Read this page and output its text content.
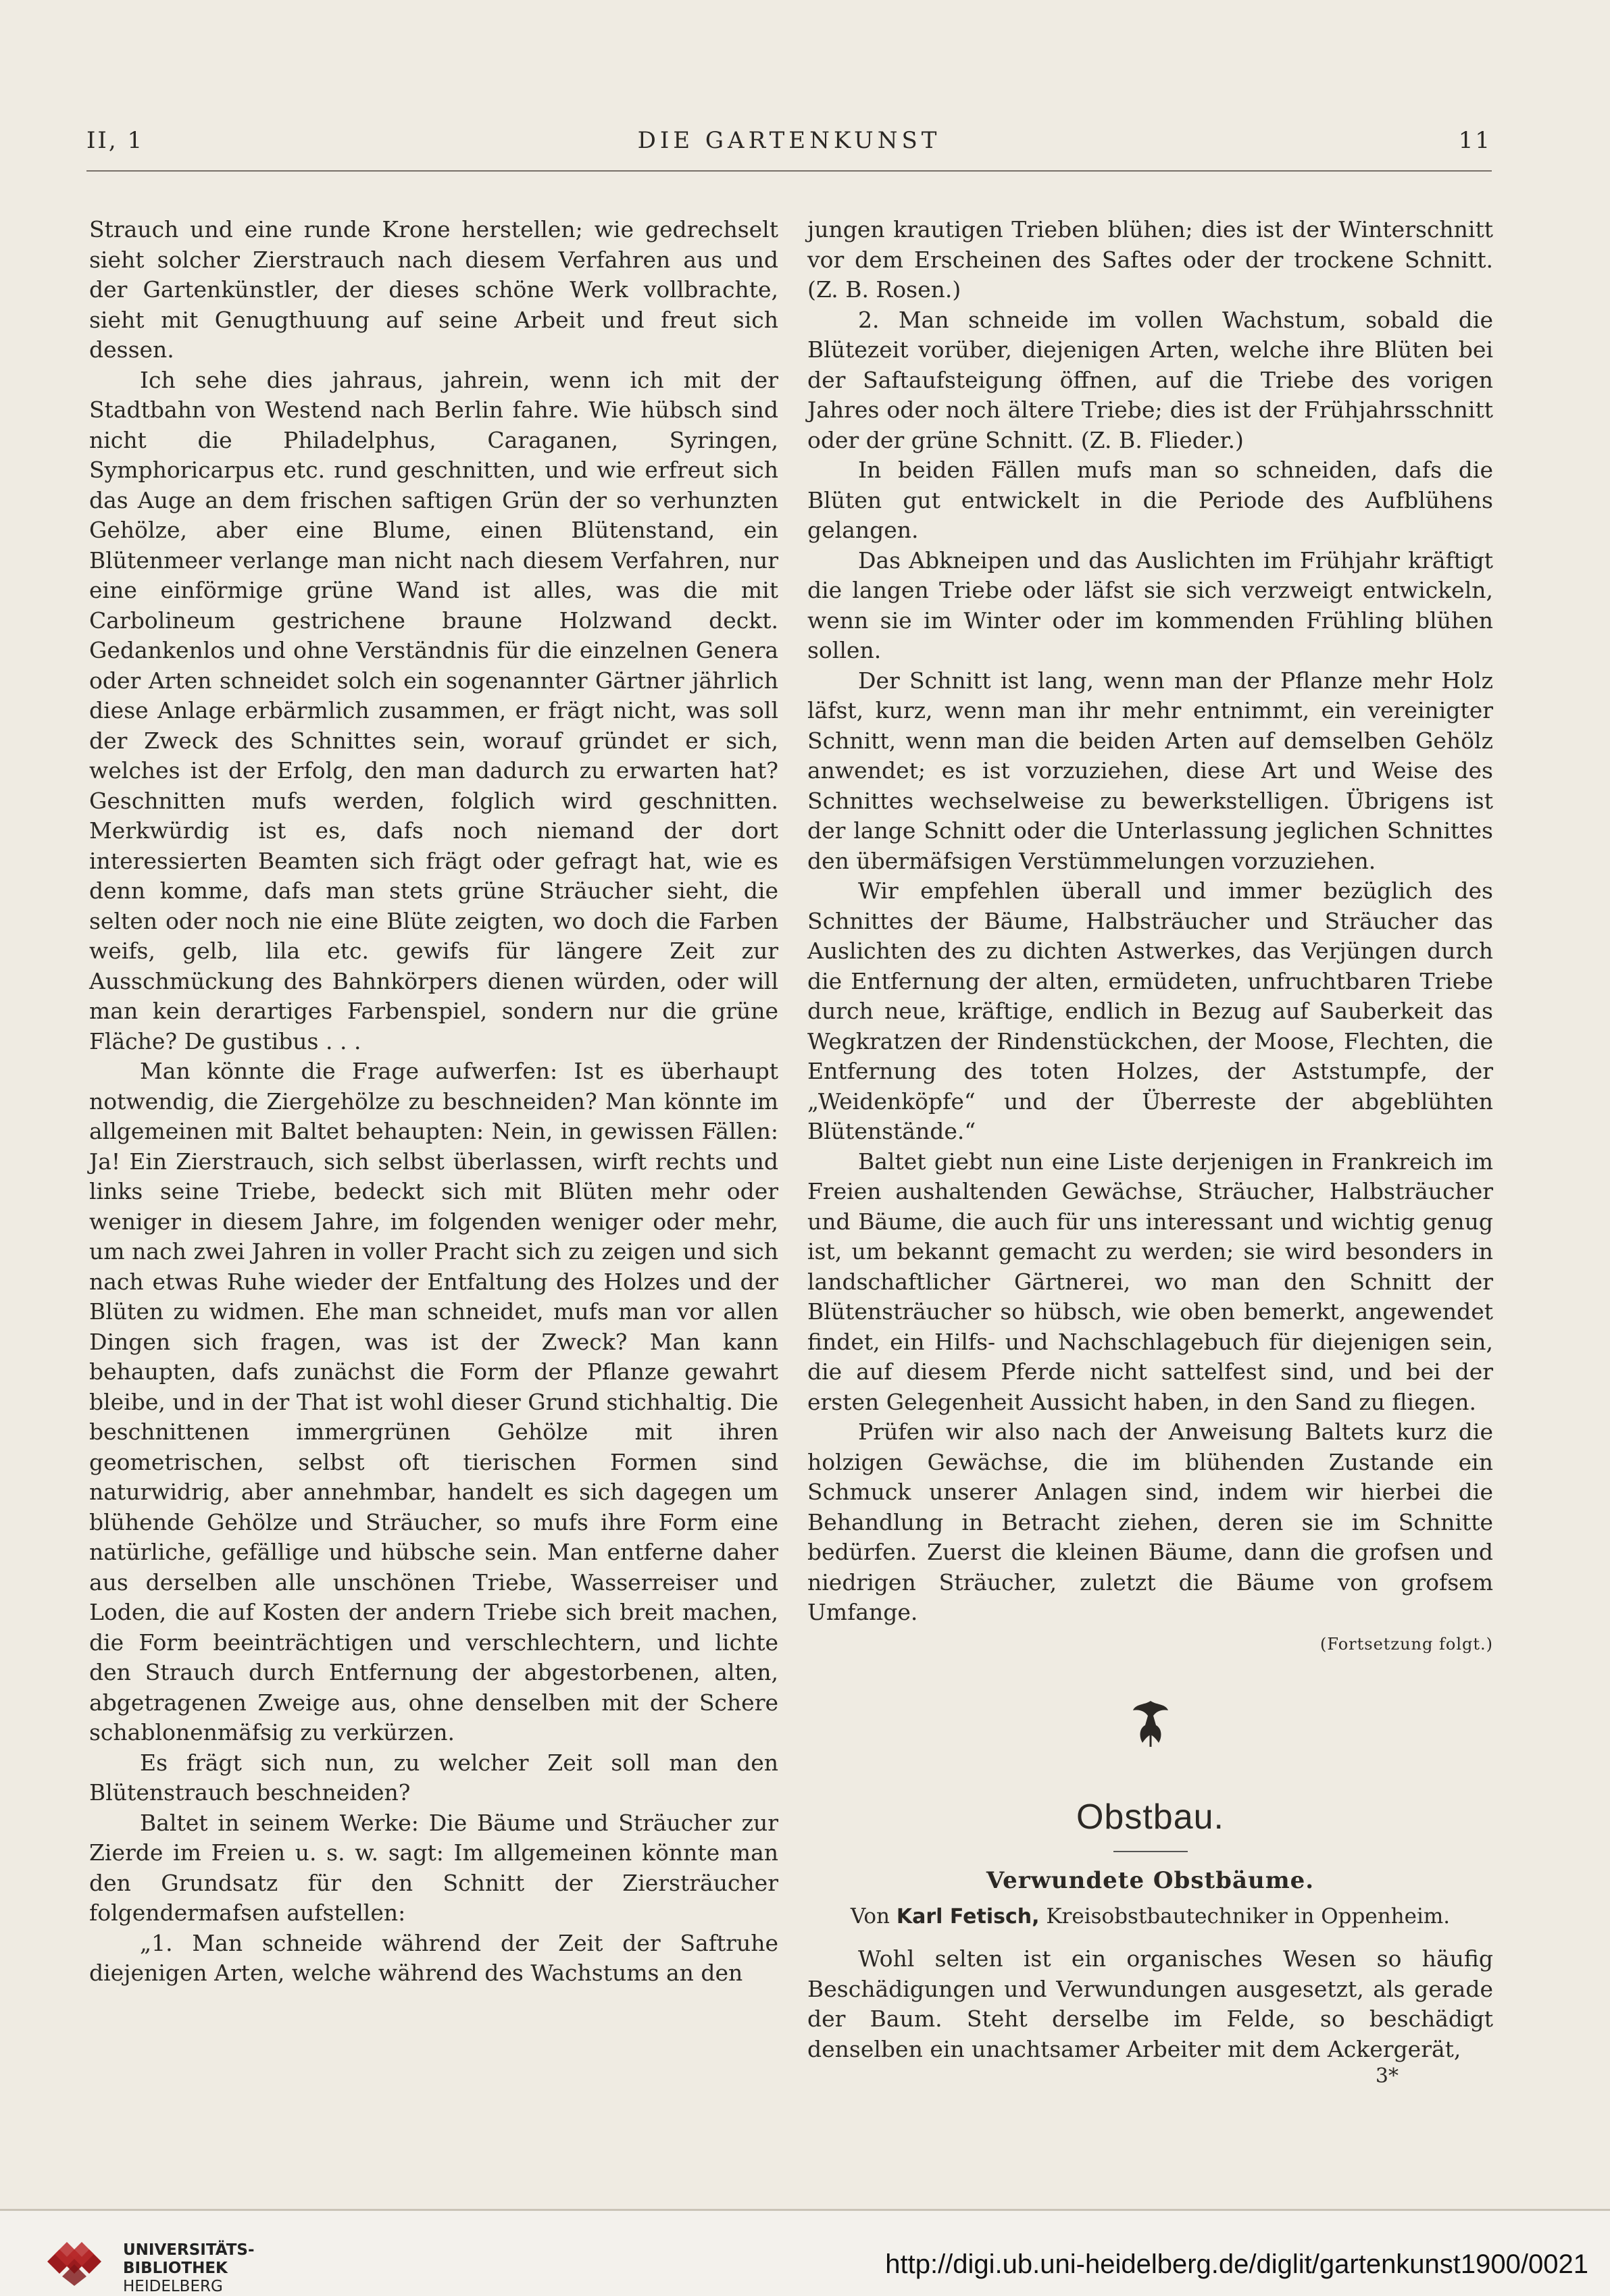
II, 1	DIE GARTENKUNST	11

Strauch und eine runde Krone herstellen; wie gedrechselt sieht solcher Zierstrauch nach diesem Verfahren aus und der Gartenkünstler, der dieses schöne Werk vollbrachte, sieht mit Genugthuung auf seine Arbeit und freut sich dessen.

Ich sehe dies jahraus, jahrein, wenn ich mit der Stadtbahn von Westend nach Berlin fahre. Wie hübsch sind nicht die Philadelphus, Caraganen, Syringen, Symphoricarpus etc. rund geschnitten, und wie erfreut sich das Auge an dem frischen saftigen Grün der so verhunzten Gehölze, aber eine Blume, einen Blütenstand, ein Blütenmeer verlange man nicht nach diesem Verfahren, nur eine einförmige grüne Wand ist alles, was die mit Carbolineum gestrichene braune Holzwand deckt. Gedankenlos und ohne Verständnis für die einzelnen Genera oder Arten schneidet solch ein sogenannter Gärtner jährlich diese Anlage erbärmlich zusammen, er frägt nicht, was soll der Zweck des Schnittes sein, worauf gründet er sich, welches ist der Erfolg, den man dadurch zu erwarten hat? Geschnitten mufs werden, folglich wird geschnitten. Merkwürdig ist es, dafs noch niemand der dort interessierten Beamten sich frägt oder gefragt hat, wie es denn komme, dafs man stets grüne Sträucher sieht, die selten oder noch nie eine Blüte zeigten, wo doch die Farben weifs, gelb, lila etc. gewifs für längere Zeit zur Ausschmückung des Bahnkörpers dienen würden, oder will man kein derartiges Farbenspiel, sondern nur die grüne Fläche? De gustibus . . .

Man könnte die Frage aufwerfen: Ist es überhaupt notwendig, die Ziergehölze zu beschneiden? Man könnte im allgemeinen mit Baltet behaupten: Nein, in gewissen Fällen: Ja! Ein Zierstrauch, sich selbst überlassen, wirft rechts und links seine Triebe, bedeckt sich mit Blüten mehr oder weniger in diesem Jahre, im folgenden weniger oder mehr, um nach zwei Jahren in voller Pracht sich zu zeigen und sich nach etwas Ruhe wieder der Entfaltung des Holzes und der Blüten zu widmen. Ehe man schneidet, mufs man vor allen Dingen sich fragen, was ist der Zweck? Man kann behaupten, dafs zunächst die Form der Pflanze gewahrt bleibe, und in der That ist wohl dieser Grund stichhaltig. Die beschnittenen immergrünen Gehölze mit ihren geometrischen, selbst oft tierischen Formen sind naturwidrig, aber annehmbar, handelt es sich dagegen um blühende Gehölze und Sträucher, so mufs ihre Form eine natürliche, gefällige und hübsche sein. Man entferne daher aus derselben alle unschönen Triebe, Wasserreiser und Loden, die auf Kosten der andern Triebe sich breit machen, die Form beeinträchtigen und verschlechtern, und lichte den Strauch durch Entfernung der abgestorbenen, alten, abgetragenen Zweige aus, ohne denselben mit der Schere schablonenmäfsig zu verkürzen.

Es frägt sich nun, zu welcher Zeit soll man den Blütenstrauch beschneiden?

Baltet in seinem Werke: Die Bäume und Sträucher zur Zierde im Freien u. s. w. sagt: Im allgemeinen könnte man den Grundsatz für den Schnitt der Ziersträucher folgendermafsen aufstellen:

„1. Man schneide während der Zeit der Saftruhe diejenigen Arten, welche während des Wachstums an den

jungen krautigen Trieben blühen; dies ist der Winterschnitt vor dem Erscheinen des Saftes oder der trockene Schnitt. (Z. B. Rosen.)

2. Man schneide im vollen Wachstum, sobald die Blütezeit vorüber, diejenigen Arten, welche ihre Blüten bei der Saftaufsteigung öffnen, auf die Triebe des vorigen Jahres oder noch ältere Triebe; dies ist der Frühjahrsschnitt oder der grüne Schnitt. (Z. B. Flieder.)

In beiden Fällen mufs man so schneiden, dafs die Blüten gut entwickelt in die Periode des Aufblühens gelangen.

Das Abkneipen und das Auslichten im Frühjahr kräftigt die langen Triebe oder läfst sie sich verzweigt entwickeln, wenn sie im Winter oder im kommenden Frühling blühen sollen.

Der Schnitt ist lang, wenn man der Pflanze mehr Holz läfst, kurz, wenn man ihr mehr entnimmt, ein vereinigter Schnitt, wenn man die beiden Arten auf demselben Gehölz anwendet; es ist vorzuziehen, diese Art und Weise des Schnittes wechselweise zu bewerkstelligen. Übrigens ist der lange Schnitt oder die Unterlassung jeglichen Schnittes den übermäfsigen Verstümmelungen vorzuziehen.

Wir empfehlen überall und immer bezüglich des Schnittes der Bäume, Halbsträucher und Sträucher das Auslichten des zu dichten Astwerkes, das Verjüngen durch die Entfernung der alten, ermüdeten, unfruchtbaren Triebe durch neue, kräftige, endlich in Bezug auf Sauberkeit das Wegkratzen der Rindenstückchen, der Moose, Flechten, die Entfernung des toten Holzes, der Aststumpfe, der „Weidenköpfe“ und der Überreste der abgeblühten Blütenstände.“

Baltet giebt nun eine Liste derjenigen in Frankreich im Freien aushaltenden Gewächse, Sträucher, Halbsträucher und Bäume, die auch für uns interessant und wichtig genug ist, um bekannt gemacht zu werden; sie wird besonders in landschaftlicher Gärtnerei, wo man den Schnitt der Blütensträucher so hübsch, wie oben bemerkt, angewendet findet, ein Hilfs- und Nachschlagebuch für diejenigen sein, die auf diesem Pferde nicht sattelfest sind, und bei der ersten Gelegenheit Aussicht haben, in den Sand zu fliegen.

Prüfen wir also nach der Anweisung Baltets kurz die holzigen Gewächse, die im blühenden Zustande ein Schmuck unserer Anlagen sind, indem wir hierbei die Behandlung in Betracht ziehen, deren sie im Schnitte bedürfen. Zuerst die kleinen Bäume, dann die grofsen und niedrigen Sträucher, zuletzt die Bäume von grofsem Umfange.

(Fortsetzung folgt.)

Obstbau.

Verwundete Obstbäume.

Von Karl Fetisch, Kreisobstbautechniker in Oppenheim.

Wohl selten ist ein organisches Wesen so häufig Beschädigungen und Verwundungen ausgesetzt, als gerade der Baum. Steht derselbe im Felde, so beschädigt denselben ein unachtsamer Arbeiter mit dem Ackergerät,

3*

UNIVERSITÄTS-
BIBLIOTHEK
HEIDELBERG
http://digi.ub.uni-heidelberg.de/diglit/gartenkunst1900/0021
